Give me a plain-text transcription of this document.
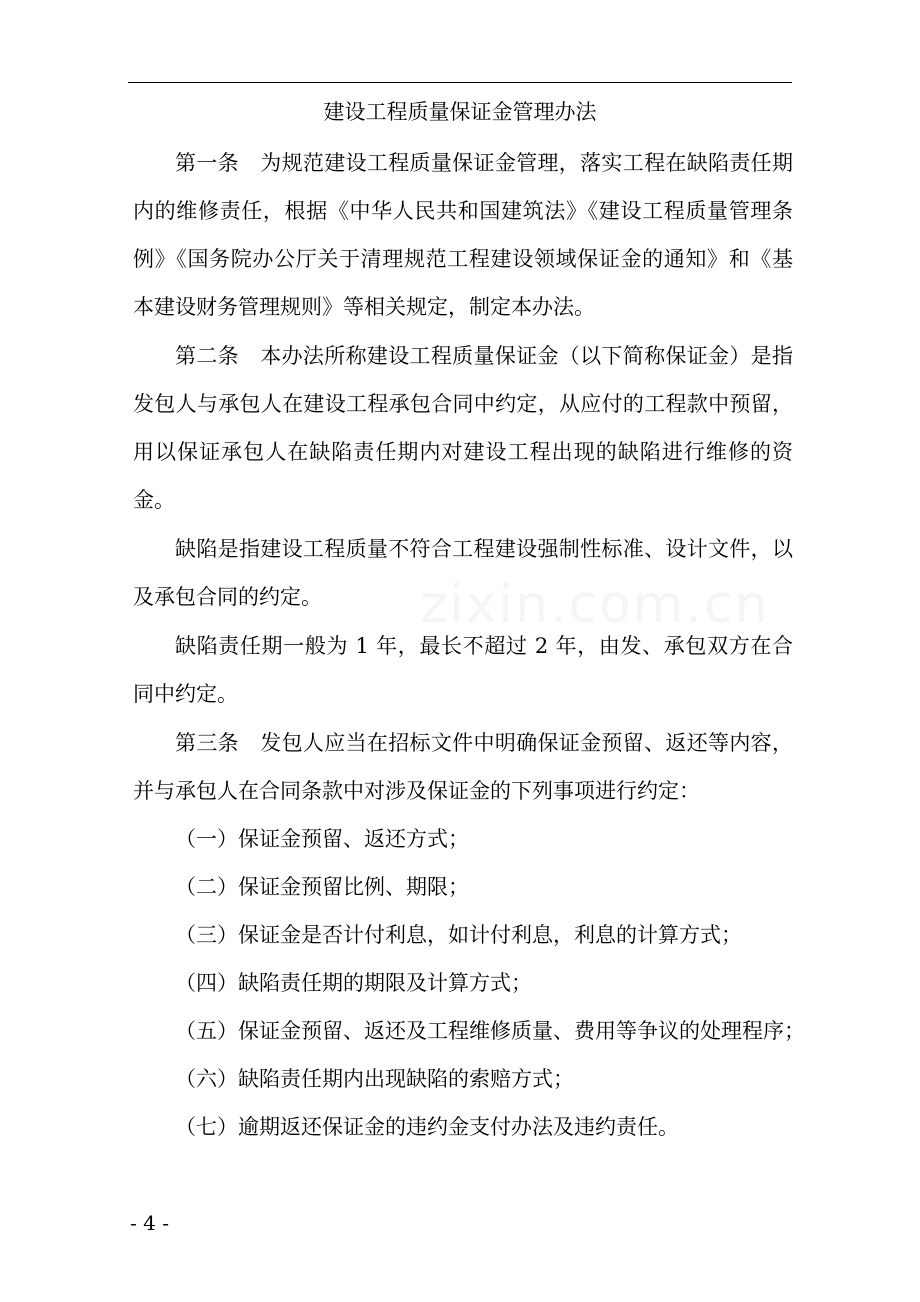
建设工程质量保证金管理办法

第一条　为规范建设工程质量保证金管理，落实工程在缺陷责任期内的维修责任，根据《中华人民共和国建筑法》《建设工程质量管理条例》《国务院办公厅关于清理规范工程建设领域保证金的通知》和《基本建设财务管理规则》等相关规定，制定本办法。

第二条　本办法所称建设工程质量保证金（以下简称保证金）是指发包人与承包人在建设工程承包合同中约定，从应付的工程款中预留，用以保证承包人在缺陷责任期内对建设工程出现的缺陷进行维修的资金。

缺陷是指建设工程质量不符合工程建设强制性标准、设计文件，以及承包合同的约定。

缺陷责任期一般为 1 年，最长不超过 2 年，由发、承包双方在合同中约定。

第三条　发包人应当在招标文件中明确保证金预留、返还等内容，并与承包人在合同条款中对涉及保证金的下列事项进行约定：

（一）保证金预留、返还方式；

（二）保证金预留比例、期限；

（三）保证金是否计付利息，如计付利息，利息的计算方式；

（四）缺陷责任期的期限及计算方式；

（五）保证金预留、返还及工程维修质量、费用等争议的处理程序；

（六）缺陷责任期内出现缺陷的索赔方式；

（七）逾期返还保证金的违约金支付办法及违约责任。

zixin.com.cn
- 4 -
